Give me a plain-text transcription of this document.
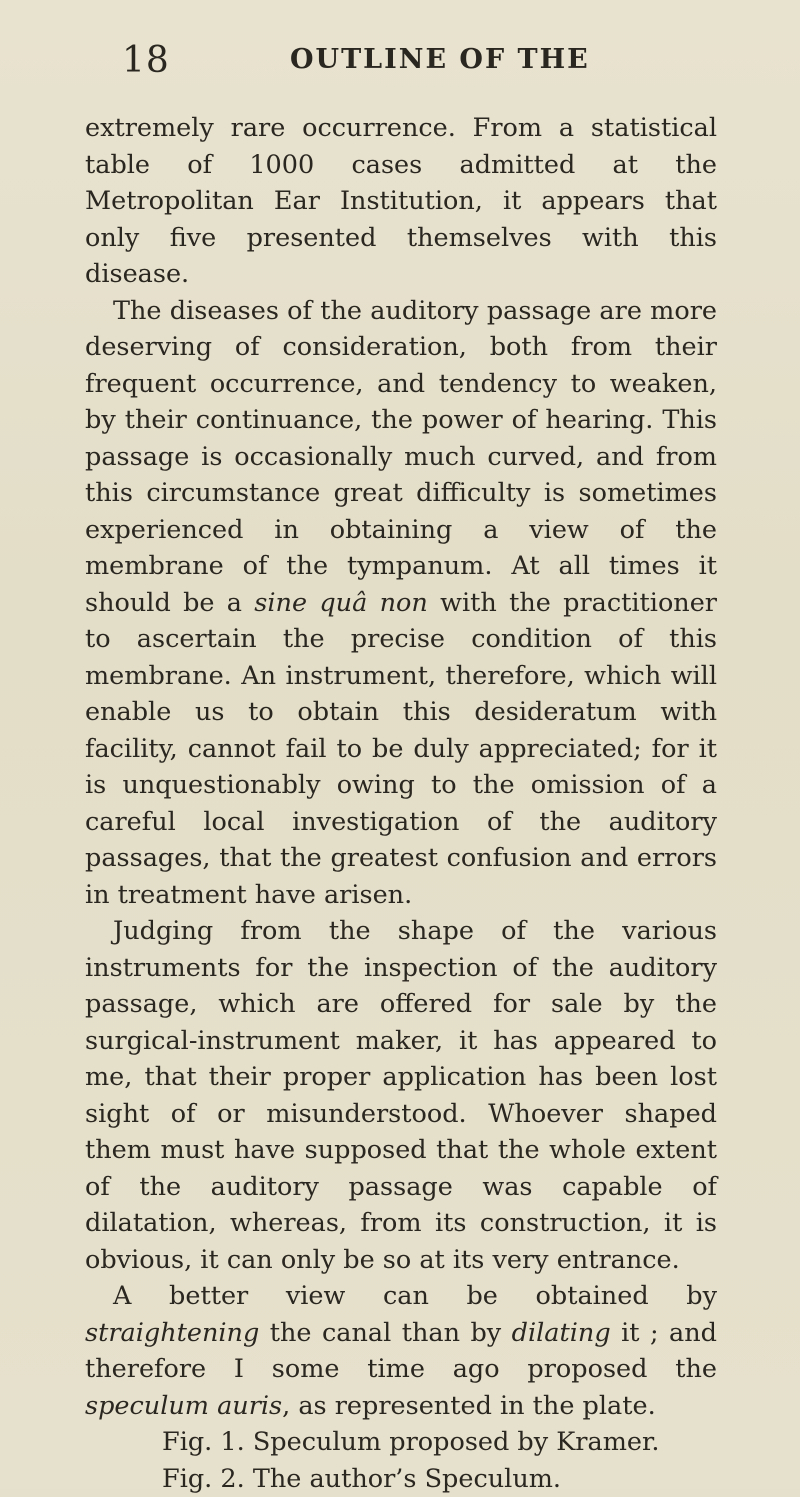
18	OUTLINE OF THE

extremely rare occurrence. From a statistical table of 1000 cases admitted at the Metropolitan Ear Institution, it appears that only five presented themselves with this disease.

The diseases of the auditory passage are more deserving of consideration, both from their frequent occurrence, and tendency to weaken, by their continuance, the power of hearing. This passage is occasionally much curved, and from this circumstance great difficulty is sometimes experienced in obtaining a view of the membrane of the tympanum. At all times it should be a sine quâ non with the practitioner to ascertain the precise condition of this membrane. An instrument, therefore, which will enable us to obtain this desideratum with facility, cannot fail to be duly appreciated; for it is unquestionably owing to the omission of a careful local investigation of the auditory passages, that the greatest confusion and errors in treatment have arisen.

Judging from the shape of the various instruments for the inspection of the auditory passage, which are offered for sale by the surgical-instrument maker, it has appeared to me, that their proper application has been lost sight of or misunderstood. Whoever shaped them must have supposed that the whole extent of the auditory passage was capable of dilatation, whereas, from its construction, it is obvious, it can only be so at its very entrance.

A better view can be obtained by straightening the canal than by dilating it ; and therefore I some time ago proposed the speculum auris, as represented in the plate.

Fig. 1. Speculum proposed by Kramer.

Fig. 2. The author’s Speculum.
